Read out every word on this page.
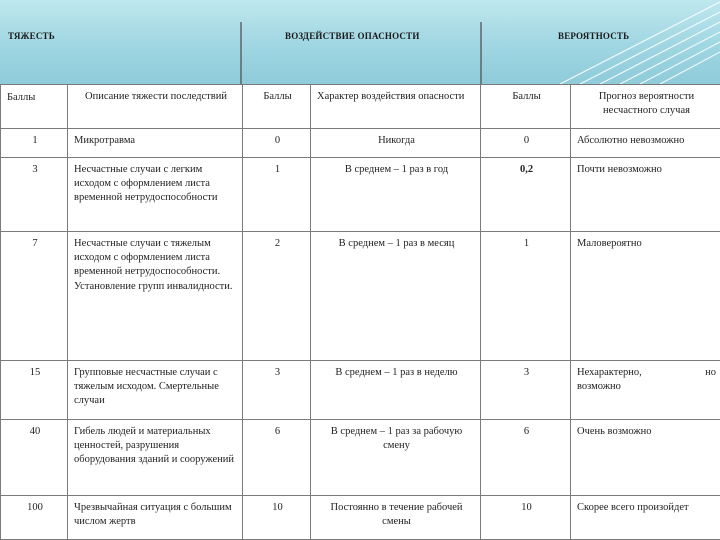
ТЯЖЕСТЬ	ВОЗДЕЙСТВИЕ ОПАСНОСТИ	ВЕРОЯТНОСТЬ
Баллы	Описание тяжести последствий	Баллы	Характер воздействия опасности	Баллы	Прогноз вероятности несчастного случая
1	Микротравма	0	Никогда	0	Абсолютно невозможно
3	Несчастные случаи с легким исходом с оформлением листа временной нетрудоспособности	1	В среднем – 1 раз в год	0,2	Почти невозможно
7	Несчастные случаи с тяжелым исходом с оформлением листа временной нетрудоспособности. Установление групп инвалидности.	2	В среднем – 1 раз в месяц	1	Маловероятно
15	Групповые несчастные случаи с тяжелым исходом. Смертельные случаи	3	В среднем – 1 раз в неделю	3	Нехарактерно, но
возможно

40	Гибель людей и материальных ценностей, разрушения оборудования зданий и сооружений	6	В среднем – 1 раз за рабочую смену	6	Очень возможно
100	Чрезвычайная ситуация с большим числом жертв	10	Постоянно в течение рабочей смены	10	Скорее всего произойдет
